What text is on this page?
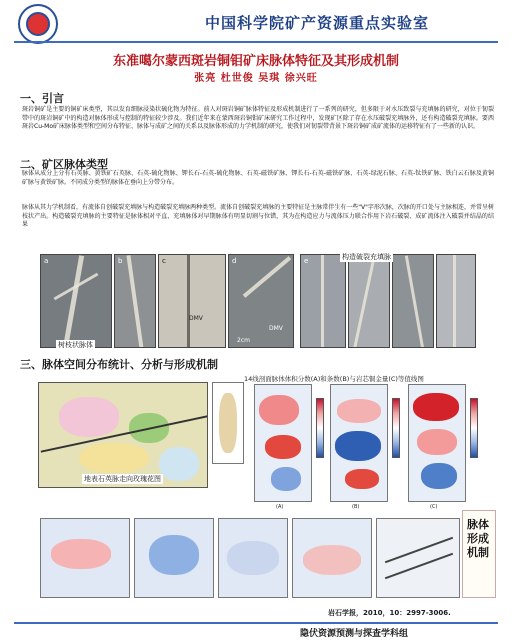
中国科学院矿产资源重点实验室
东准噶尔蒙西斑岩铜钼矿床脉体特征及其形成机制
张亮 杜世俊 吴琪 徐兴旺
一、引言
斑岩铜矿是主要的铜矿床类型，其以发育细脉浸染状硫化物为特征。前人对斑岩铜矿脉体特征及形成机制进行了一系列的研究，但多限于对水压致裂与充填脉的研究，对位于韧裂带中的斑岩铜矿中的构造对脉体形成与控制的特征较少涉及。我们近年来在蒙西斑岩铜钼矿床研究工作过程中，发现矿区除了存在水压破裂充填脉外，还有构造破裂充填脉。要西斑岩Cu-Mo矿床脉体类型和空间分布特征、脉体与成矿之间的关系以及脉体形成的力学机制的研究，使我们对韧裂带背景下斑岩铜矿成矿流体的运移特征有了一些新的认识。
二、矿区脉体类型
脉体从成分上分有石英脉、黄铁矿石英脉、石英-硫化物脉、钾长石-石英-硫化物脉、石英-磁铁矿脉、钾长石-石英-磁铁矿脉、石英-绿泥石脉、石英-钛铁矿脉、铁白云石脉及黄铜矿脉与黄铁矿脉。不同成分类型的脉体在垂向上分带分布。
脉体从其力学机制看，有流体自创破裂充填脉与构造破裂充填脉两种类型。流体自创破裂充填脉的主要特征是主脉常伴生有一些"V"字形次脉，次脉的开口处与主脉相连，并常呈树枝状产出。构造破裂充填脉的主要特征是脉体相对平直，充填脉体对早期脉体有明显切割与位错，其为在构造应力与流体压力联合作用下岩石破裂、成矿流体注入破裂并结晶的结果
a	b	c
DMV
d
DMV
2cm
e
树枝状脉体
构造破裂充填脉
三、脉体空间分布统计、分析与形成机制
14线剖面脉体体积分数(A)和条数(B)与岩芯铜金量(C)等值线图
地表石英脉走向玫瑰花图
(A)	(B)	(C)
脉体形成机制
岩石学报，2010，10：2997-3006.
隐伏资源预测与探查学科组
